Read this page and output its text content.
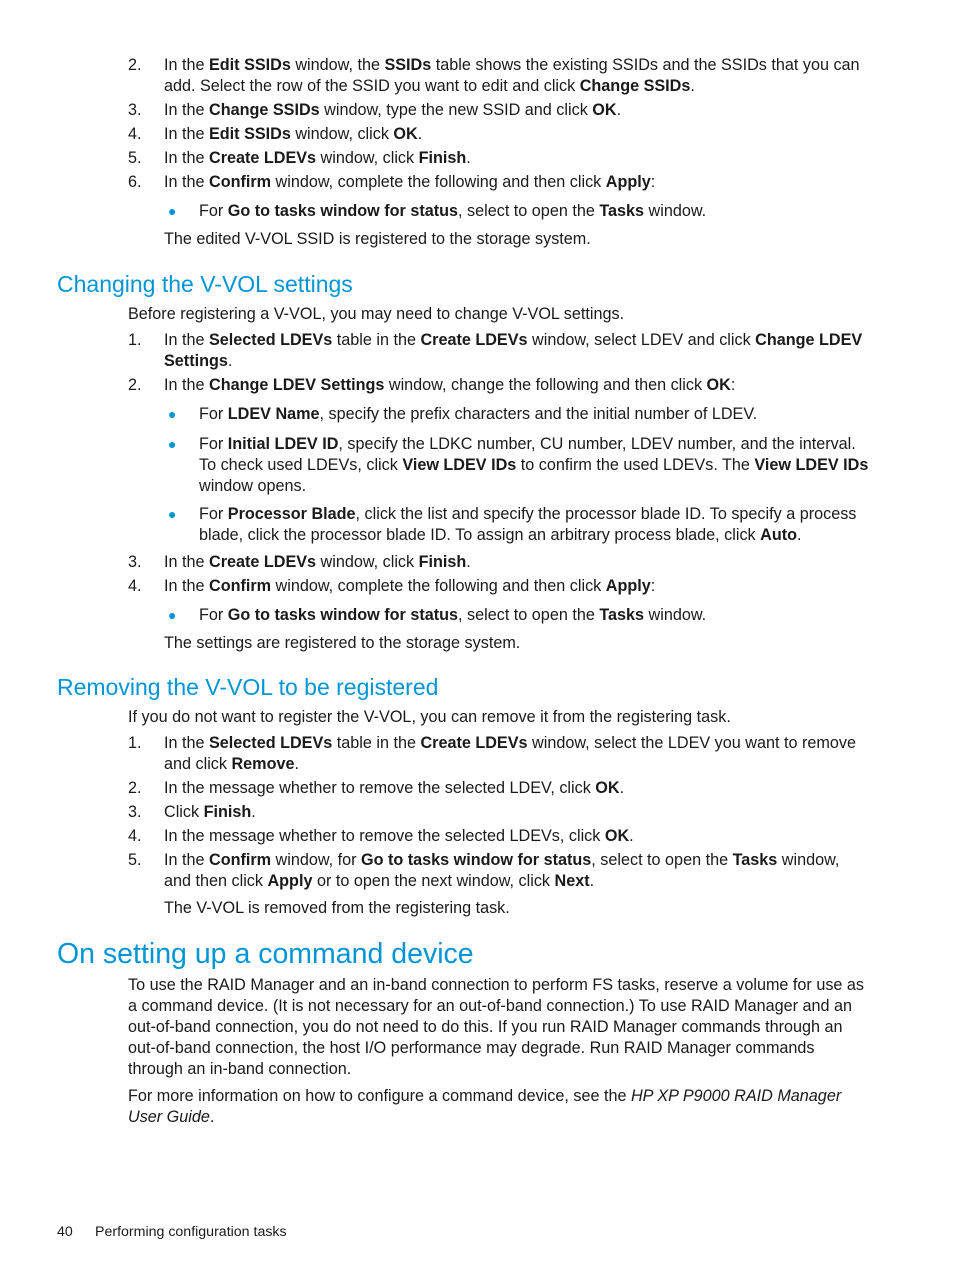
2.	In the Edit SSIDs window, the SSIDs table shows the existing SSIDs and the SSIDs that you can add. Select the row of the SSID you want to edit and click Change SSIDs.
3.	In the Change SSIDs window, type the new SSID and click OK.
4.	In the Edit SSIDs window, click OK.
5.	In the Create LDEVs window, click Finish.
6.	In the Confirm window, complete the following and then click Apply:
● For Go to tasks window for status, select to open the Tasks window.
The edited V-VOL SSID is registered to the storage system.
Changing the V-VOL settings
Before registering a V-VOL, you may need to change V-VOL settings.
1.	In the Selected LDEVs table in the Create LDEVs window, select LDEV and click Change LDEV Settings.
2.	In the Change LDEV Settings window, change the following and then click OK:
● For LDEV Name, specify the prefix characters and the initial number of LDEV.
● For Initial LDEV ID, specify the LDKC number, CU number, LDEV number, and the interval. To check used LDEVs, click View LDEV IDs to confirm the used LDEVs. The View LDEV IDs window opens.
● For Processor Blade, click the list and specify the processor blade ID. To specify a process blade, click the processor blade ID. To assign an arbitrary process blade, click Auto.
3.	In the Create LDEVs window, click Finish.
4.	In the Confirm window, complete the following and then click Apply:
● For Go to tasks window for status, select to open the Tasks window.
The settings are registered to the storage system.
Removing the V-VOL to be registered
If you do not want to register the V-VOL, you can remove it from the registering task.
1.	In the Selected LDEVs table in the Create LDEVs window, select the LDEV you want to remove and click Remove.
2.	In the message whether to remove the selected LDEV, click OK.
3.	Click Finish.
4.	In the message whether to remove the selected LDEVs, click OK.
5.	In the Confirm window, for Go to tasks window for status, select to open the Tasks window, and then click Apply or to open the next window, click Next.
The V-VOL is removed from the registering task.
On setting up a command device
To use the RAID Manager and an in-band connection to perform FS tasks, reserve a volume for use as a command device. (It is not necessary for an out-of-band connection.) To use RAID Manager and an out-of-band connection, you do not need to do this. If you run RAID Manager commands through an out-of-band connection, the host I/O performance may degrade. Run RAID Manager commands through an in-band connection.
For more information on how to configure a command device, see the HP XP P9000 RAID Manager User Guide.
40 Performing configuration tasks
